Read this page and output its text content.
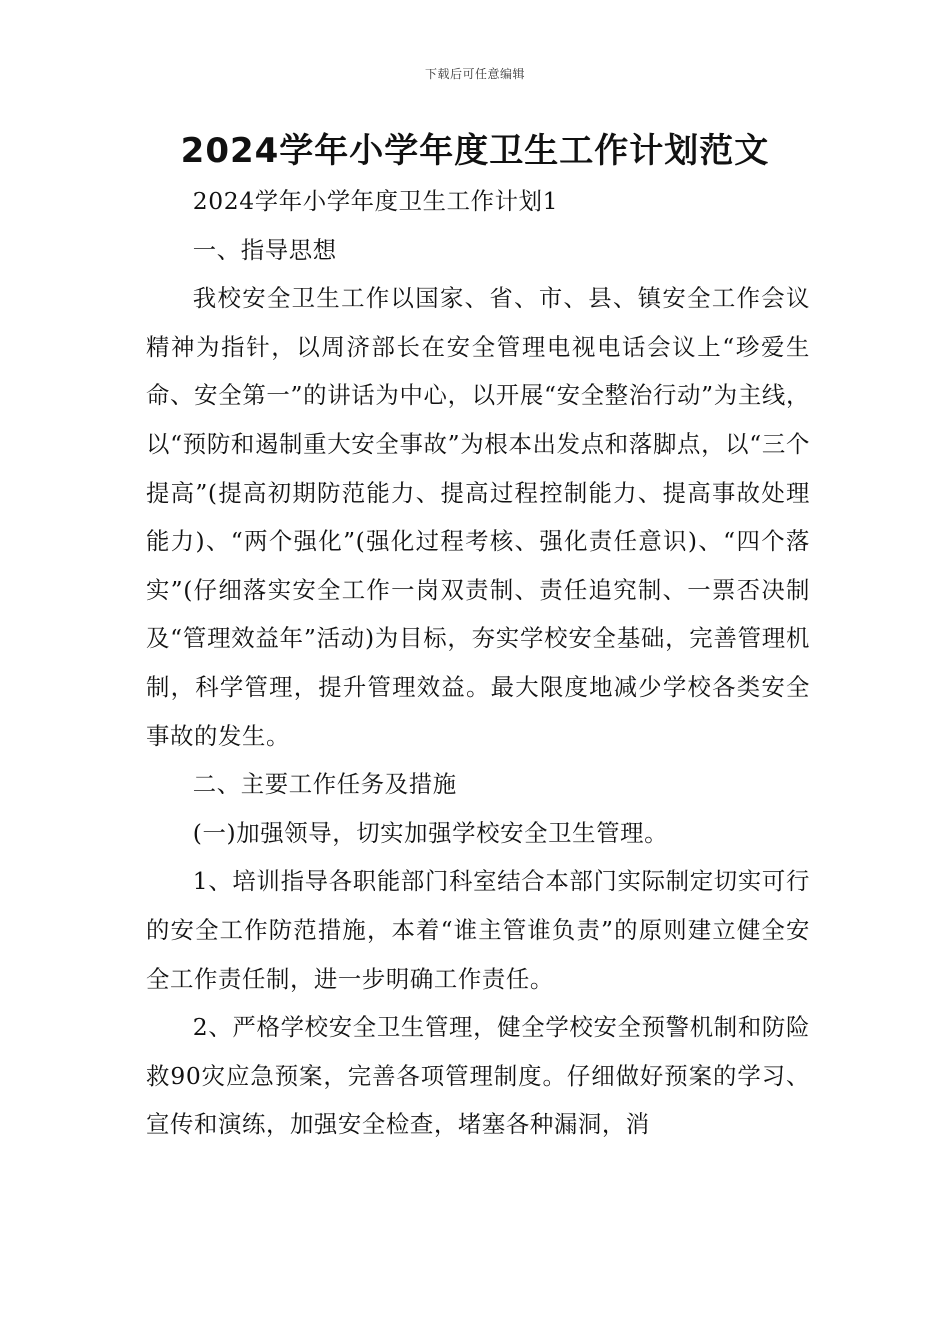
下载后可任意编辑
2024学年小学年度卫生工作计划范文

2024学年小学年度卫生工作计划1

一、指导思想

我校安全卫生工作以国家、省、市、县、镇安全工作会议精神为指针，以周济部长在安全管理电视电话会议上“珍爱生命、安全第一”的讲话为中心，以开展“安全整治行动”为主线，以“预防和遏制重大安全事故”为根本出发点和落脚点，以“三个提高”(提高初期防范能力、提高过程控制能力、提高事故处理能力)、“两个强化”(强化过程考核、强化责任意识)、“四个落实”(仔细落实安全工作一岗双责制、责任追究制、一票否决制及“管理效益年”活动)为目标，夯实学校安全基础，完善管理机制，科学管理，提升管理效益。最大限度地减少学校各类安全事故的发生。

二、主要工作任务及措施

(一)加强领导，切实加强学校安全卫生管理。

1、培训指导各职能部门科室结合本部门实际制定切实可行的安全工作防范措施，本着“谁主管谁负责”的原则建立健全安全工作责任制，进一步明确工作责任。

2、严格学校安全卫生管理，健全学校安全预警机制和防险救90灾应急预案，完善各项管理制度。仔细做好预案的学习、宣传和演练，加强安全检查，堵塞各种漏洞，消
